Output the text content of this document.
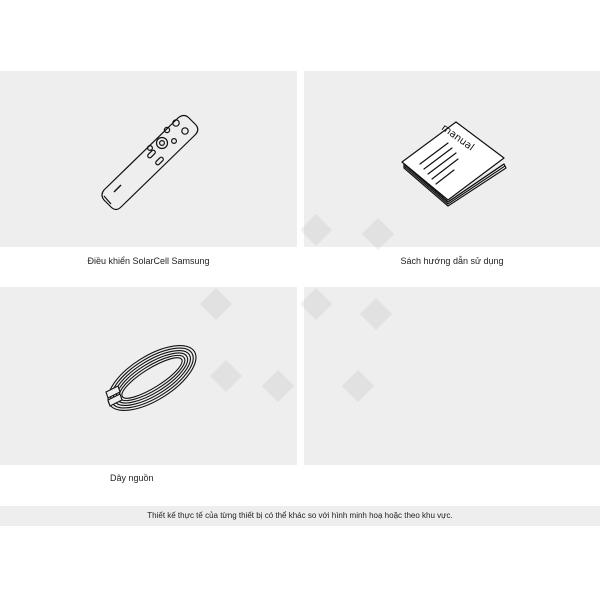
Điều khiển SolarCell Samsung
manual
Sách hướng dẫn sử dụng
Dây nguồn
Thiết kế thực tế của từng thiết bị có thể khác so với hình minh hoạ hoặc theo khu vực.
